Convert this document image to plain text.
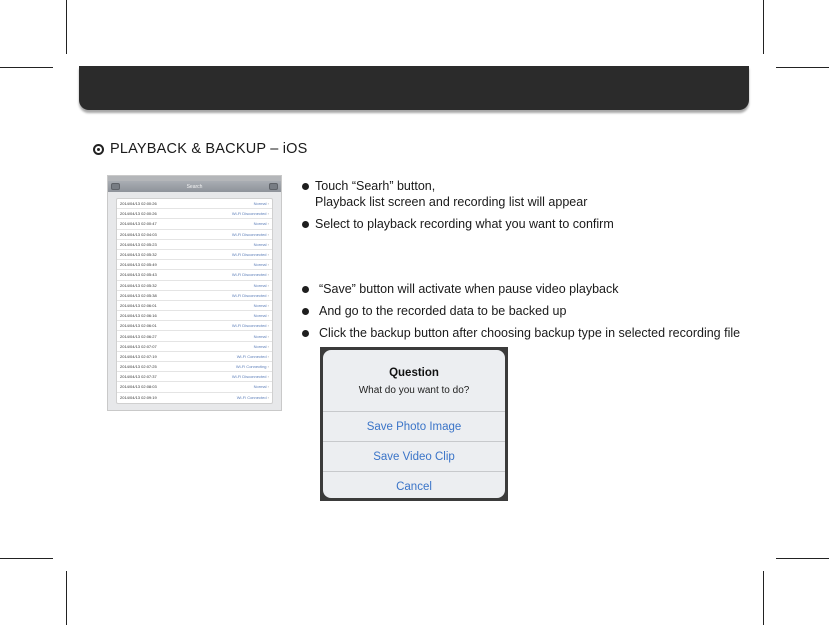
PLAYBACK & BACKUP – iOS
Search
2014/04/13 02:00:26	Normal ›
2014/04/13 02:00:26	Wi-Fi Disconnected ›
2014/04/13 02:00:47	Normal ›
2014/04/13 02:04:03	Wi-Fi Disconnected ›
2014/04/13 02:05:23	Normal ›
2014/04/13 02:05:32	Wi-Fi Disconnected ›
2014/04/13 02:05:49	Normal ›
2014/04/13 02:05:43	Wi-Fi Disconnected ›
2014/04/13 02:05:32	Normal ›
2014/04/13 02:05:38	Wi-Fi Disconnected ›
2014/04/13 02:06:01	Normal ›
2014/04/13 02:06:16	Normal ›
2014/04/13 02:06:01	Wi-Fi Disconnected ›
2014/04/13 02:06:27	Normal ›
2014/04/13 02:07:07	Normal ›
2014/04/13 02:07:19	Wi-Fi Connected ›
2014/04/13 02:07:25	Wi-Fi Connecting ›
2014/04/13 02:07:37	Wi-Fi Disconnected ›
2014/04/13 02:08:03	Normal ›
2014/04/13 02:09:19	Wi-Fi Connected ›
Touch “Searh” button,
Playback list screen and recording list will appear
Select to playback recording what you want to confirm
“Save” button will activate when pause video playback
And go to the recorded data to be backed up
Click the backup button after choosing backup type in selected recording file
Question
What do you want to do?
Save Photo Image
Save Video Clip
Cancel
